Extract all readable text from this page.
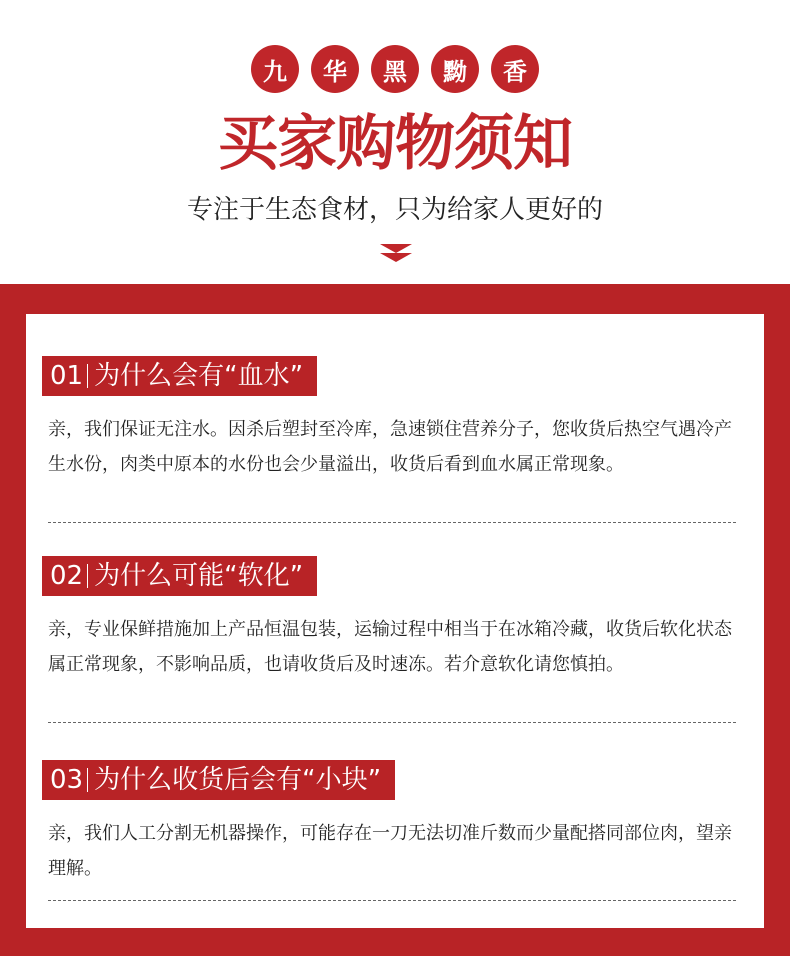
九	华	黑	黝	香
买家购物须知
专注于生态食材，只为给家人更好的
01 为什么会有“血水”
亲，我们保证无注水。因杀后塑封至冷库，急速锁住营养分子，您收货后热空气遇冷产生水份，肉类中原本的水份也会少量溢出，收货后看到血水属正常现象。
02 为什么可能“软化”
亲，专业保鲜措施加上产品恒温包装，运输过程中相当于在冰箱冷藏，收货后软化状态属正常现象，不影响品质，也请收货后及时速冻。若介意软化请您慎拍。
03 为什么收货后会有“小块”
亲，我们人工分割无机器操作，可能存在一刀无法切准斤数而少量配搭同部位肉，望亲理解。
